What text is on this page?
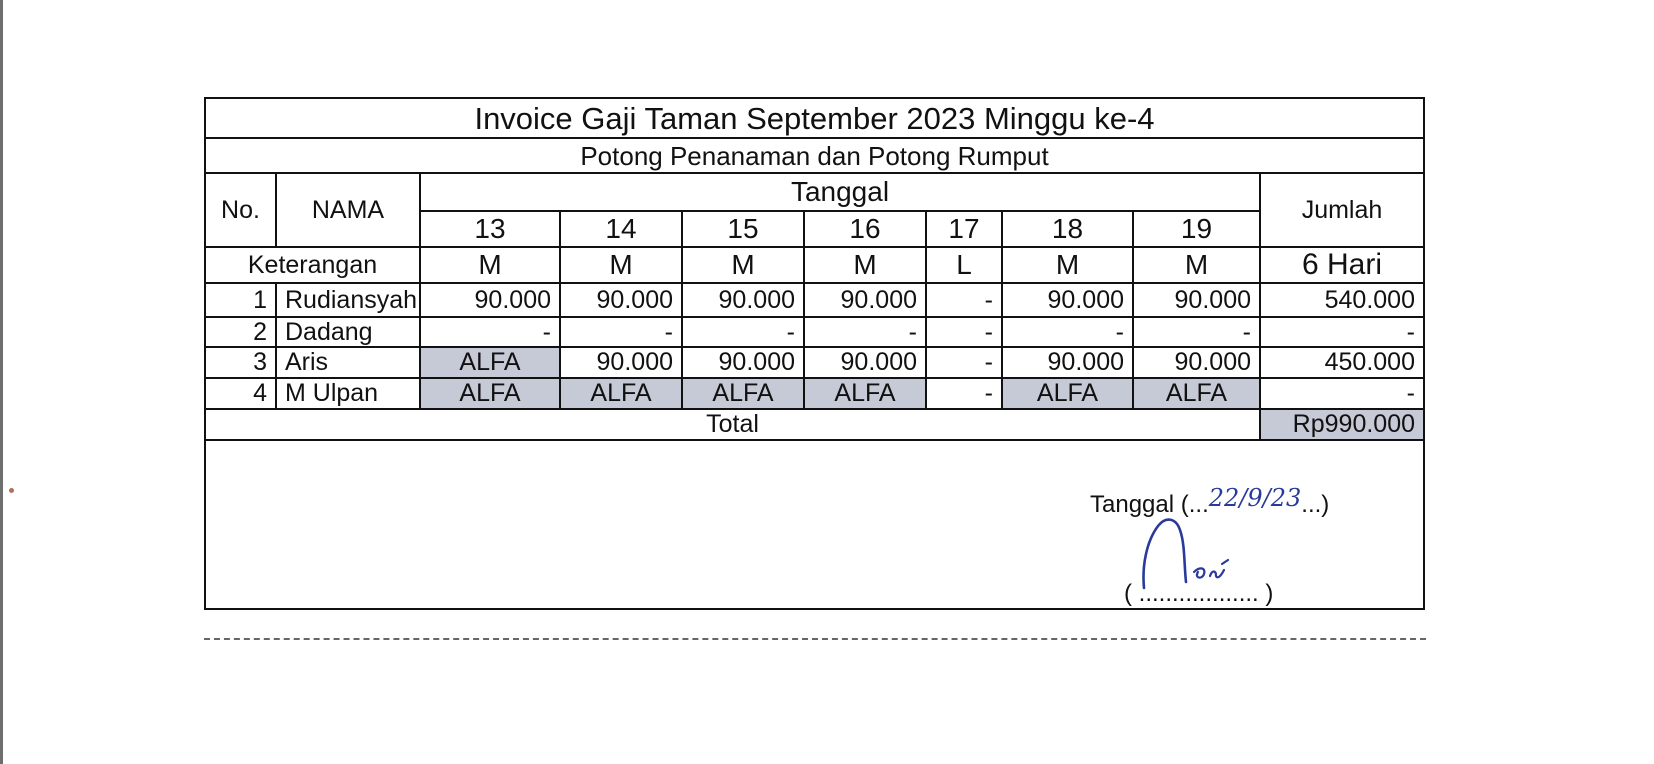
Invoice Gaji Taman September 2023 Minggu ke-4									
Potong Penanaman dan Potong Rumput									
No.	NAMA	Tanggal							Jumlah
		13	14	15	16	17	18	19	
Keterangan		M	M	M	M	L	M	M	6 Hari
1	Rudiansyah	90.000	90.000	90.000	90.000	-	90.000	90.000	540.000
2	Dadang	-	-	-	-	-	-	-	-
3	Aris	ALFA	90.000	90.000	90.000	-	90.000	90.000	450.000
4	M Ulpan	ALFA	ALFA	ALFA	ALFA	-	ALFA	ALFA	-
Total									Rp990.000
Tanggal (...22/9/23...)
( .................. )
